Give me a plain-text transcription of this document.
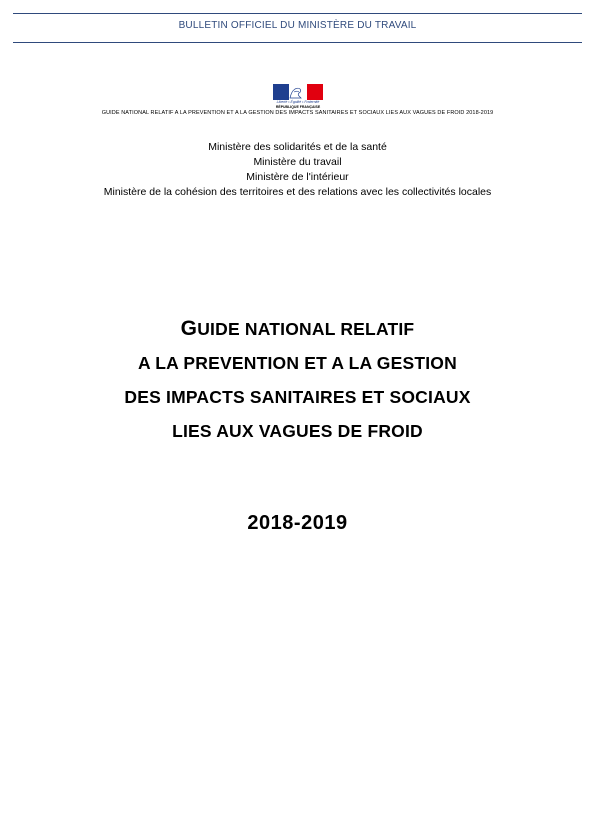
BULLETIN OFFICIEL DU MINISTÈRE DU TRAVAIL
Liberté • Égalité • Fraternité
RÉPUBLIQUE FRANÇAISE
GUIDE NATIONAL RELATIF A LA PREVENTION ET A LA GESTION DES IMPACTS SANITAIRES ET SOCIAUX LIES AUX VAGUES DE FROID 2018-2019
Ministère des solidarités et de la santé
Ministère du travail
Ministère de l'intérieur
Ministère de la cohésion des territoires et des relations avec les collectivités locales
GUIDE NATIONAL RELATIF
A LA PREVENTION ET A LA GESTION
DES IMPACTS SANITAIRES ET SOCIAUX
LIES AUX VAGUES DE FROID
2018-2019
